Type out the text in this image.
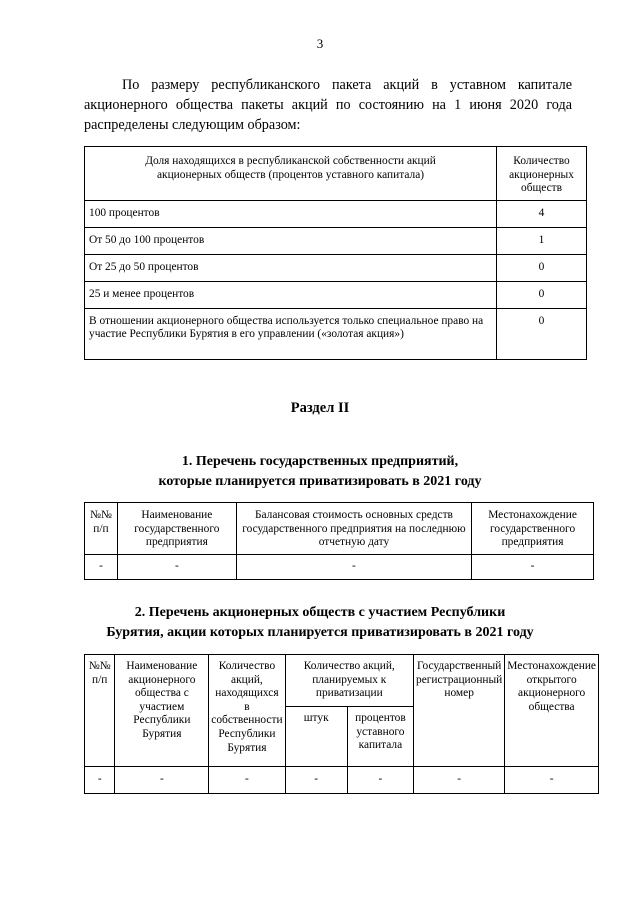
3

По размеру республиканского пакета акций в уставном капитале акционерного общества пакеты акций по состоянию на 1 июня 2020 года распределены следующим образом:

Доля находящихся в республиканской собственности акций акционерных обществ (процентов уставного капитала)	Количество акционерных обществ
100 процентов	4
От 50 до 100 процентов	1
От 25 до 50 процентов	0
25 и менее процентов	0
В отношении акционерного общества используется только специальное право на участие Республики Бурятия в его управлении («золотая акция»)	0
Раздел II
1. Перечень государственных предприятий,
которые планируется приватизировать в 2021 году
№№ п/п	Наименование государственного предприятия	Балансовая стоимость основных средств государственного предприятия на последнюю отчетную дату	Местонахождение государственного предприятия
-	-	-	-
2. Перечень акционерных обществ с участием Республики
Бурятия, акции которых планируется приватизировать в 2021 году
№№ п/п	Наименование акционерного общества с участием Республики Бурятия	Количество акций, находящихся в собственности Республики Бурятия	Количество акций, планируемых к приватизации		Государственный регистрационный номер	Местонахождение открытого акционерного общества
			штук	процентов уставного капитала		
-	-	-	-	-	-	-
